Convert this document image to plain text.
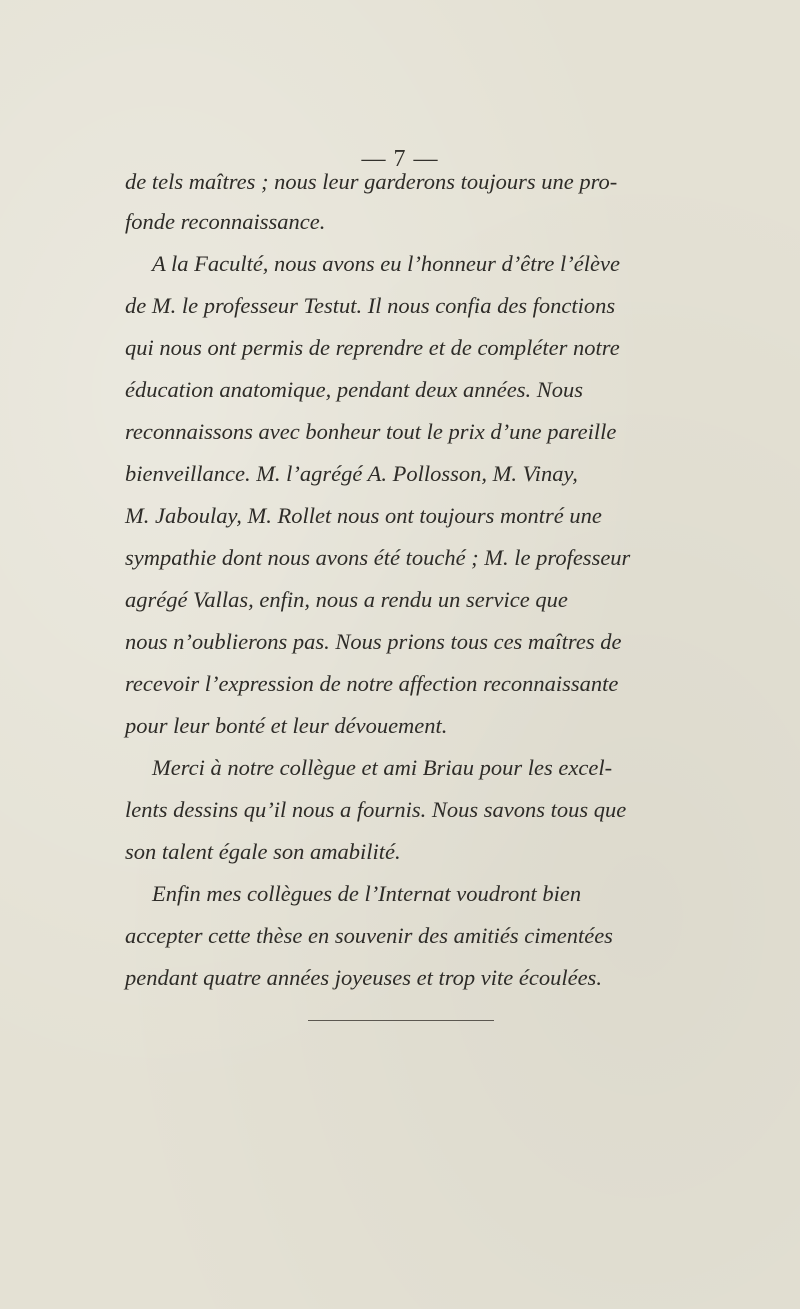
— 7 —
de tels maîtres ; nous leur garderons toujours une pro-
fonde reconnaissance.
A la Faculté, nous avons eu l’honneur d’être l’élève
de M. le professeur Testut. Il nous confia des fonctions
qui nous ont permis de reprendre et de compléter notre
éducation anatomique, pendant deux années. Nous
reconnaissons avec bonheur tout le prix d’une pareille
bienveillance. M. l’agrégé A. Pollosson, M. Vinay,
M. Jaboulay, M. Rollet nous ont toujours montré une
sympathie dont nous avons été touché ; M. le professeur
agrégé Vallas, enfin, nous a rendu un service que
nous n’oublierons pas. Nous prions tous ces maîtres de
recevoir l’expression de notre affection reconnaissante
pour leur bonté et leur dévouement.
Merci à notre collègue et ami Briau pour les excel-
lents dessins qu’il nous a fournis. Nous savons tous que
son talent égale son amabilité.
Enfin mes collègues de l’Internat voudront bien
accepter cette thèse en souvenir des amitiés cimentées
pendant quatre années joyeuses et trop vite écoulées.
